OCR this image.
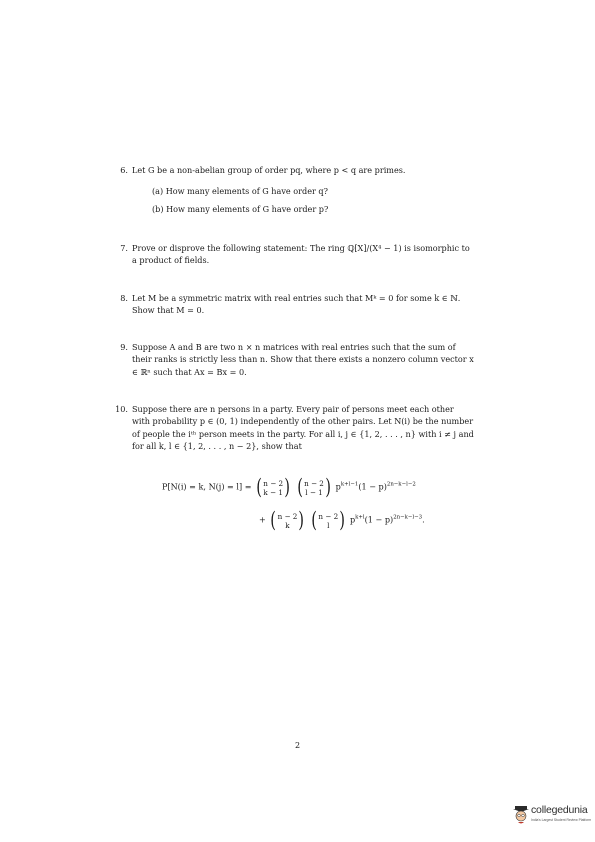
6. Let G be a non-abelian group of order pq, where p < q are primes.
(a) How many elements of G have order q?
(b) How many elements of G have order p?
7. Prove or disprove the following statement: The ring ℚ[X]/(X⁴ − 1) is isomorphic to a product of fields.
8. Let M be a symmetric matrix with real entries such that Mᵏ = 0 for some k ∈ ℕ. Show that M = 0.
9. Suppose A and B are two n × n matrices with real entries such that the sum of their ranks is strictly less than n. Show that there exists a nonzero column vector x ∈ ℝⁿ such that Ax = Bx = 0.
10. Suppose there are n persons in a party. Every pair of persons meet each other with probability p ∈ (0, 1) independently of the other pairs. Let N(i) be the number of people the iᵗʰ person meets in the party. For all i, j ∈ {1, 2, . . . , n} with i ≠ j and for all k, l ∈ {1, 2, . . . , n − 2}, show that
P[N(i) = k, N(j) = l] = ( n − 2
k − 1 )
( n − 2
l − 1 ) $p^{k+l-1}(1 - p)^{2n-k-l-2}$
+ ( n − 2
k )
( n − 2
l ) $p^{k+l}(1 - p)^{2n-k-l-3}$.
2
collegedunia
India's Largest Student Review Platform
